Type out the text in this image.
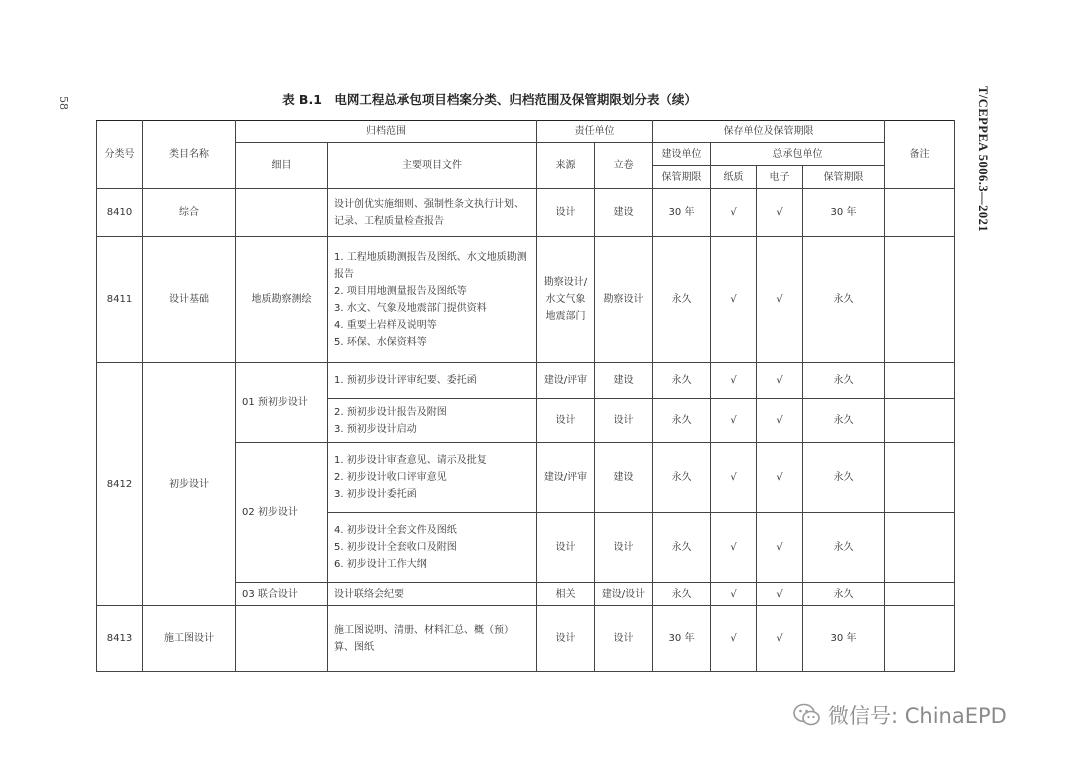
58	T/CEPPEA 5006.3—2021
表 B.1　电网工程总承包项目档案分类、归档范围及保管期限划分表（续）
分类号	类目名称	归档范围		责任单位		保存单位及保管期限				备注
		细目	主要项目文件	来源	立卷	建设单位	总承包单位			
						保管期限	纸质	电子	保管期限	
8410	综合		设计创优实施细则、强制性条文执行计划、记录、工程质量检查报告	设计	建设	30 年	√	√	30 年	
8411	设计基础	地质勘察测绘	1. 工程地质勘测报告及图纸、水文地质勘测报告
2. 项目用地测量报告及图纸等
3. 水文、气象及地震部门提供资料
4. 重要土岩样及说明等
5. 环保、水保资料等	勘察设计/水文气象地震部门	勘察设计	永久	√	√	永久	
8412	初步设计	01 预初步设计	1. 预初步设计评审纪要、委托函	建设/评审	建设	永久	√	√	永久	

			2. 预初步设计报告及附图
3. 预初步设计启动	设计	设计	永久	√	√	永久	
		02 初步设计	1. 初步设计审查意见、请示及批复
2. 初步设计收口评审意见
3. 初步设计委托函	建设/评审	建设	永久	√	√	永久	

			4. 初步设计全套文件及图纸
5. 初步设计全套收口及附图
6. 初步设计工作大纲	设计	设计	永久	√	√	永久	
		03 联合设计	设计联络会纪要	相关	建设/设计	永久	√	√	永久	
8413	施工图设计		施工图说明、清册、材料汇总、概（预）算、图纸	设计	设计	30 年	√	√	30 年	
微信号: ChinaEPD
